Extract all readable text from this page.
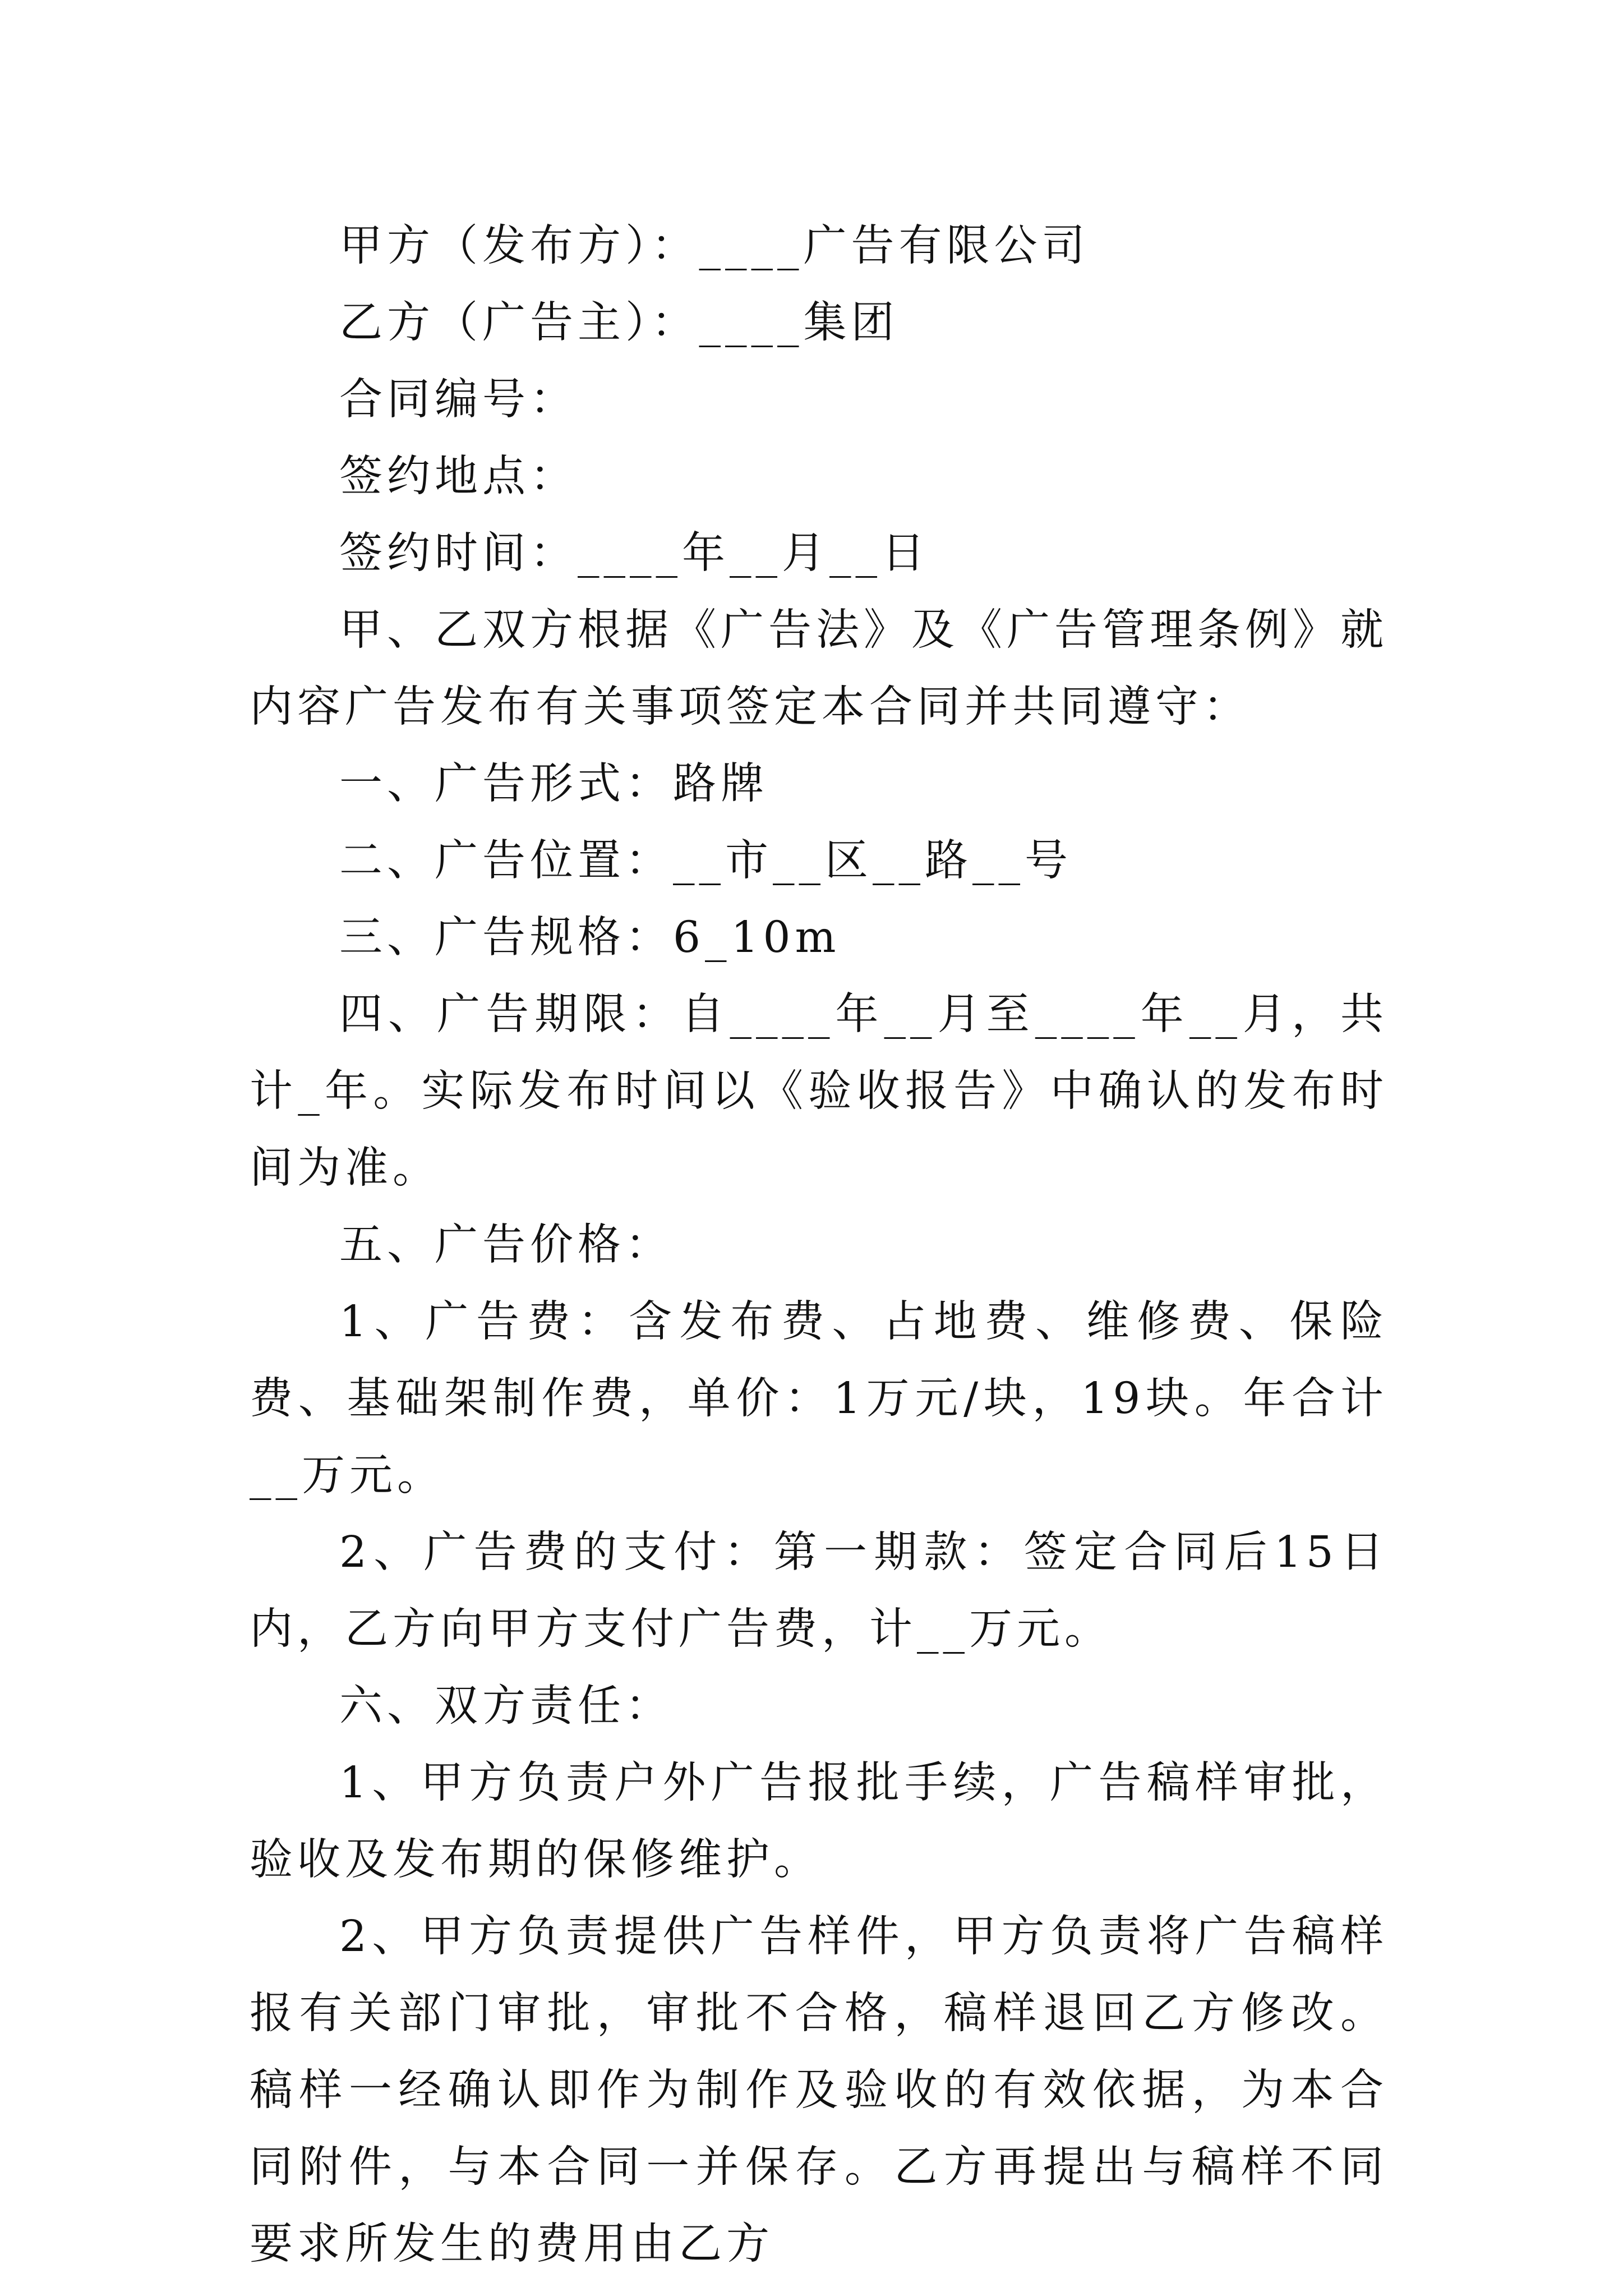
甲方（发布方）：____广告有限公司

乙方（广告主）：____集团

合同编号：

签约地点：

签约时间：____年__月__日

甲、乙双方根据《广告法》及《广告管理条例》就内容广告发布有关事项签定本合同并共同遵守：

一、广告形式：路牌

二、广告位置：__市__区__路__号

三、广告规格：6_10m

四、广告期限：自____年__月至____年__月，共计_年。实际发布时间以《验收报告》中确认的发布时间为准。

五、广告价格：

1、广告费：含发布费、占地费、维修费、保险费、基础架制作费，单价：1万元/块，19块。年合计__万元。

2、广告费的支付：第一期款：签定合同后15日内，乙方向甲方支付广告费，计__万元。

六、双方责任：

1、甲方负责户外广告报批手续，广告稿样审批，验收及发布期的保修维护。

2、甲方负责提供广告样件，甲方负责将广告稿样报有关部门审批，审批不合格，稿样退回乙方修改。稿样一经确认即作为制作及验收的有效依据，为本合同附件，与本合同一并保存。乙方再提出与稿样不同要求所发生的费用由乙方
